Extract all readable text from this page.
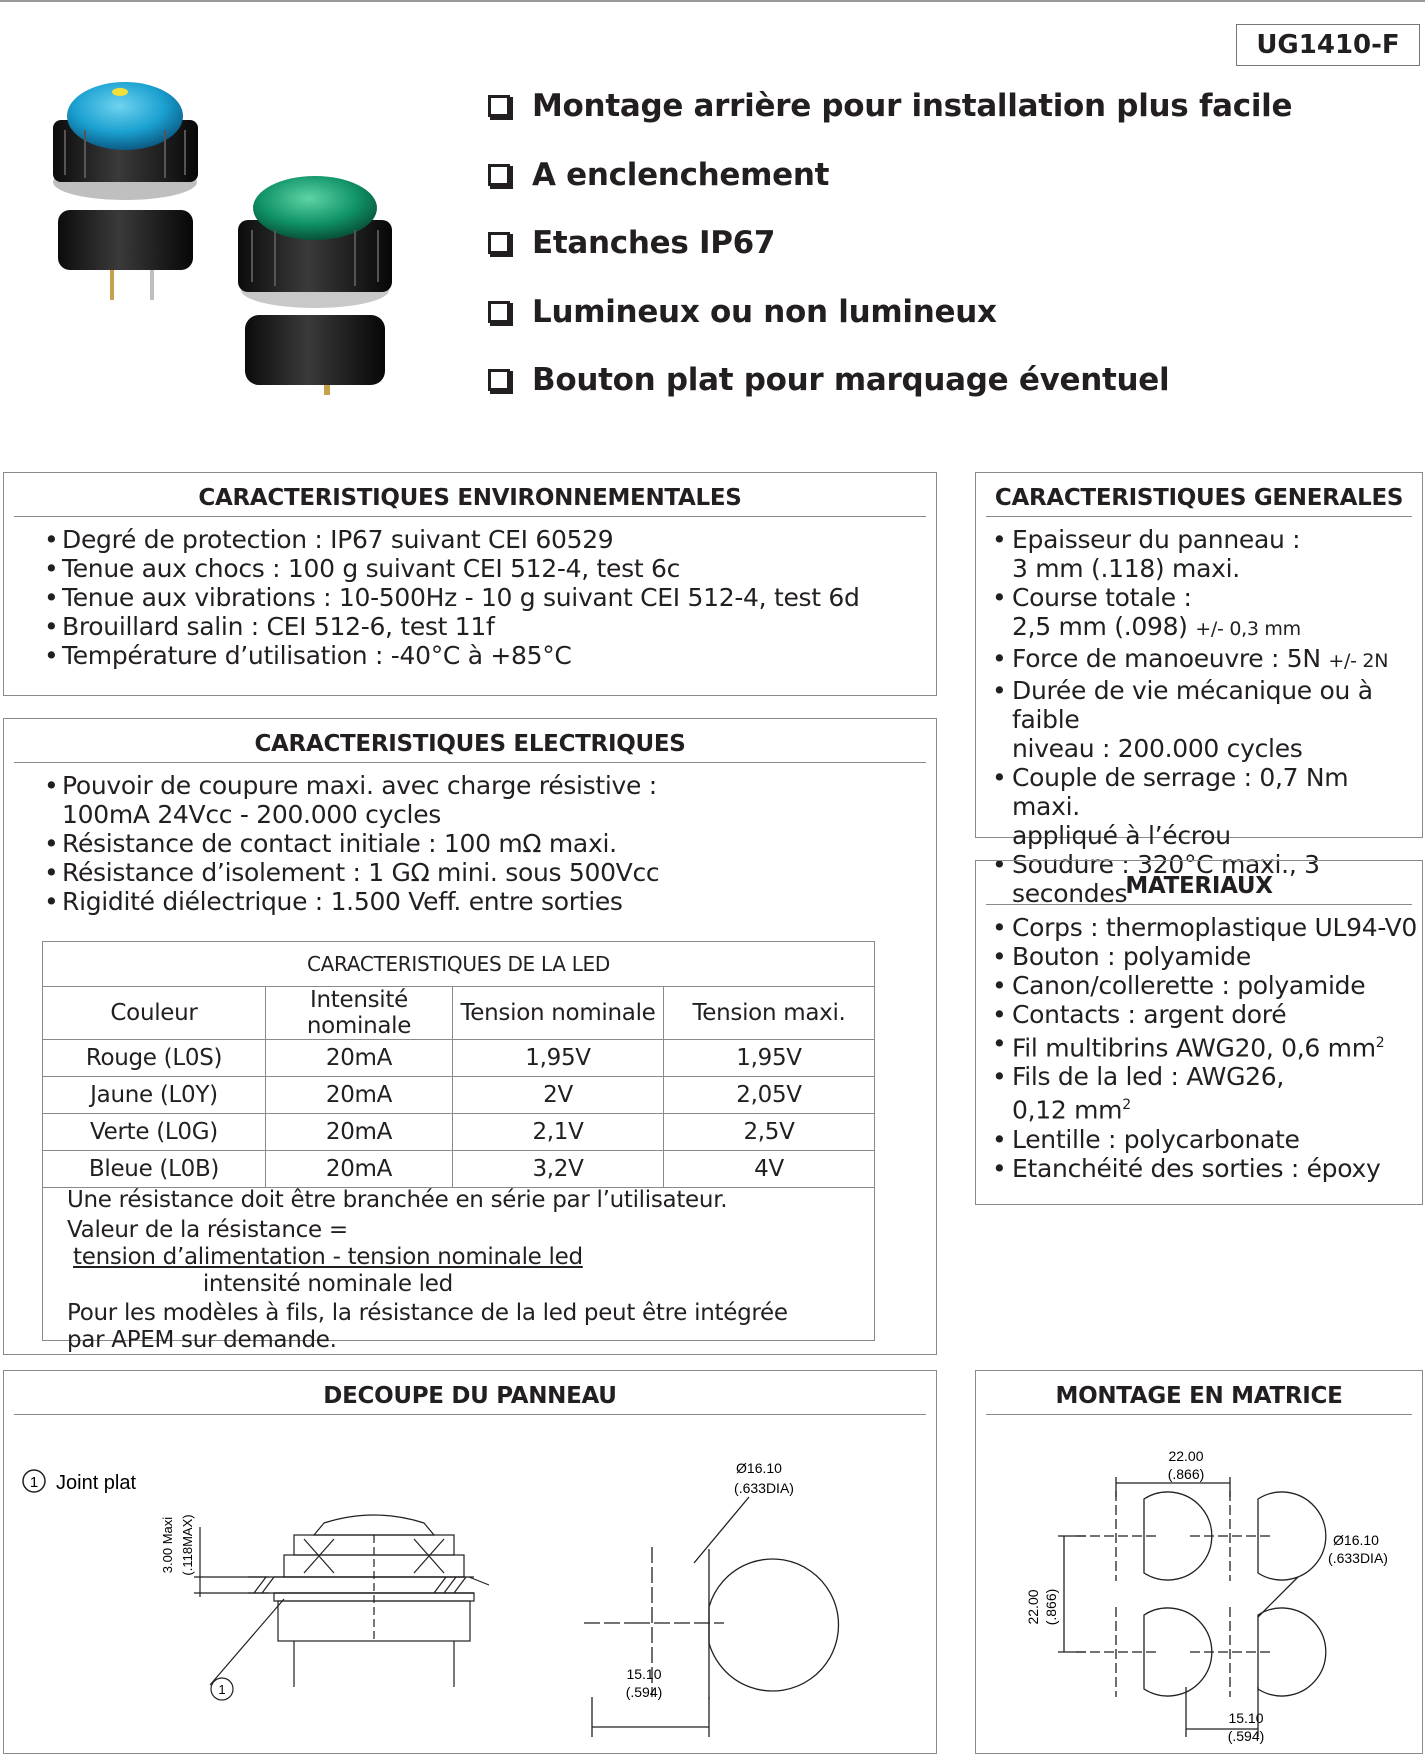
UG1410-F
Montage arrière pour installation plus facile
A enclenchement
Etanches IP67
Lumineux ou non lumineux
Bouton plat pour marquage éventuel
CARACTERISTIQUES ENVIRONNEMENTALES
• Degré de protection : IP67 suivant CEI 60529
• Tenue aux chocs : 100 g suivant CEI 512-4, test 6c
• Tenue aux vibrations : 10-500Hz - 10 g suivant CEI 512-4, test 6d
• Brouillard salin : CEI 512-6, test 11f
• Température d’utilisation : -40°C à +85°C
CARACTERISTIQUES ELECTRIQUES
• Pouvoir de coupure maxi. avec charge résistive :
100mA 24Vcc - 200.000 cycles
• Résistance de contact initiale : 100 mΩ maxi.
• Résistance d’isolement : 1 GΩ mini. sous 500Vcc
• Rigidité diélectrique : 1.500 Veff. entre sorties
CARACTERISTIQUES DE LA LED			
Couleur	Intensité nominale	Tension nominale	Tension maxi.
Rouge (L0S)	20mA	1,95V	1,95V
Jaune (L0Y)	20mA	2V	2,05V
Verte (L0G)	20mA	2,1V	2,5V
Bleue (L0B)	20mA	3,2V	4V
Une résistance doit être branchée en série par l’utilisateur.
Valeur de la résistance =
$\frac{\text{tension d’alimentation - tension nominale led}}{\text{intensité nominale led}}$
Pour les modèles à fils, la résistance de la led peut être intégrée par APEM sur demande.
CARACTERISTIQUES GENERALES
• Epaisseur du panneau :
3 mm (.118) maxi.
• Course totale :
2,5 mm (.098) +/- 0,3 mm
• Force de manoeuvre : 5N +/- 2N
• Durée de vie mécanique ou à faible
niveau : 200.000 cycles
• Couple de serrage : 0,7 Nm maxi.
appliqué à l’écrou
• Soudure : 320°C maxi., 3 secondes
MATERIAUX
• Corps : thermoplastique UL94-V0
• Bouton : polyamide
• Canon/collerette : polyamide
• Contacts : argent doré
• Fil multibrins AWG20, 0,6 $mm^2$
• Fils de la led : AWG26,
0,12 $mm^2$
• Lentille : polycarbonate
• Etanchéité des sorties : époxy
DECOUPE DU PANNEAU
1 Joint plat
3.00 Maxi (.118MAX)
1
Ø16.10
(.633DIA)
15.10
(.594)
MONTAGE EN MATRICE
22.00
(.866)
22.00 (.866)
Ø16.10
(.633DIA)
15.10
(.594)
